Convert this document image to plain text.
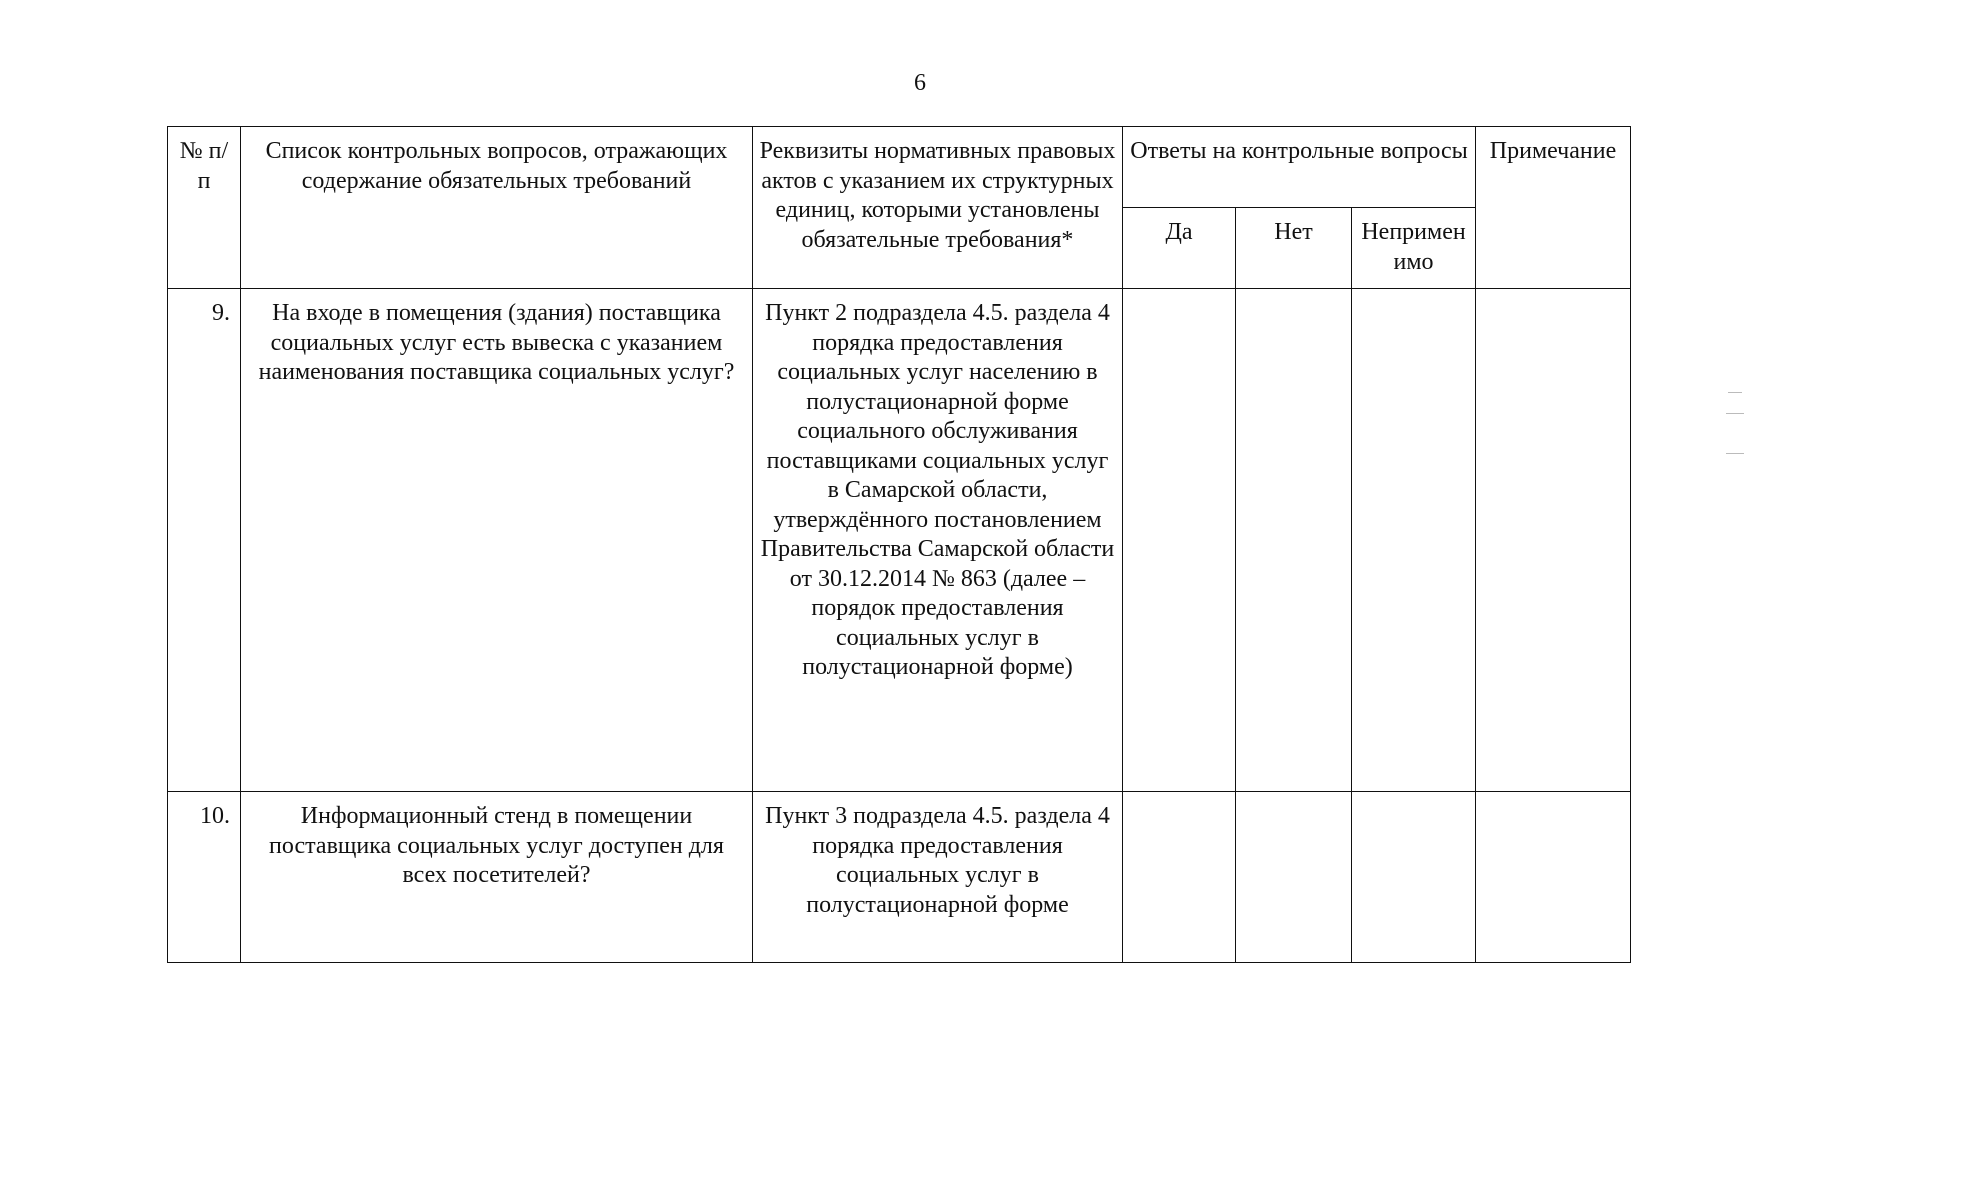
6
№ п/п	Список контрольных вопросов, отражающих содержание обязательных требований	Реквизиты нормативных правовых актов с указанием их структурных единиц, которыми установлены обязательные требования*	Ответы на контрольные вопросы			Примечание
			Да	Нет	Неприменимо	
9.	На входе в помещения (здания) поставщика социальных услуг есть вывеска с указанием наименования поставщика социальных услуг?	Пункт 2 подраздела 4.5. раздела 4 порядка предоставления социальных услуг населению в полустационарной форме социального обслуживания поставщиками социальных услуг в Самарской области, утверждённого постановлением Правительства Самарской области от 30.12.2014 № 863 (далее – порядок предоставления социальных услуг в полустационарной форме)				
10.	Информационный стенд в помещении поставщика социальных услуг доступен для всех посетителей?	Пункт 3 подраздела 4.5. раздела 4 порядка предоставления социальных услуг в полустационарной форме				
